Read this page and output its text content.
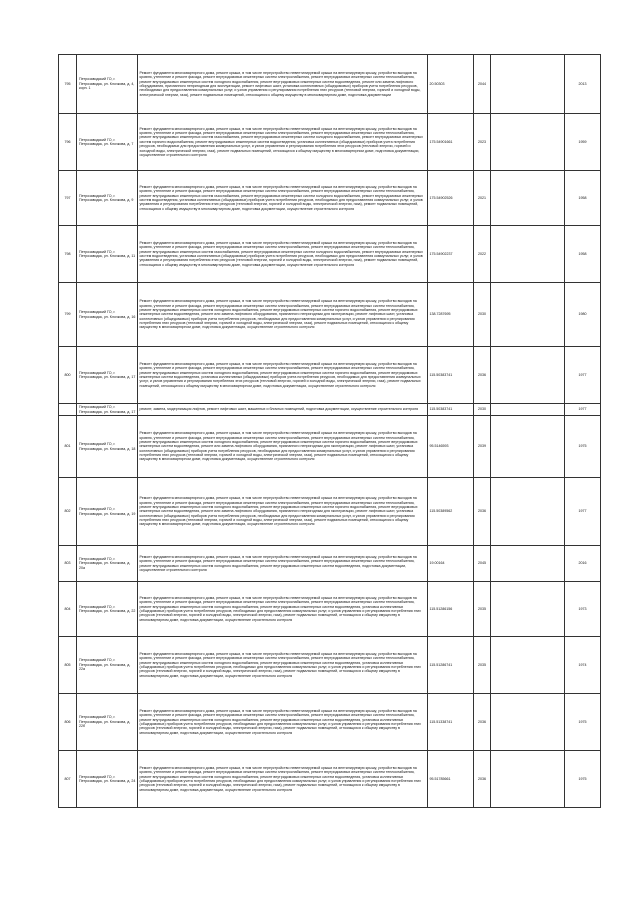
795	Петрозаводский ГО, г. Петрозаводск, ул. Клочкова, д. 4, корп. 1	Ремонт фундамента многоквартирного дома, ремонт крыши, в том числе переустройство невентилируемой крыши на вентилируемую крышу, устройство выходов на кровлю, утепление и ремонт фасада, ремонт внутридомовых инженерных систем электроснабжения, ремонт внутридомовых инженерных систем теплоснабжения, ремонт внутридомовых инженерных систем холодного водоснабжения, ремонт внутридомовых инженерных систем водоотведения, ремонт или замена лифтового оборудования, признанного непригодным для эксплуатации, ремонт лифтовых шахт, установка коллективных (общедомовых) приборов учета потребления ресурсов, необходимых для предоставления коммунальных услуг, и узлов управления и регулирования потребления этих ресурсов (тепловой энергии, горячей и холодной воды, электрической энергии, газа), ремонт подвальных помещений, относящихся к общему имуществу в многоквартирном доме, подготовка документации	20.50303	2044		2013
796	Петрозаводский ГО, г. Петрозаводск, ул. Клочкова, д. 7	Ремонт фундамента многоквартирного дома, ремонт крыши, в том числе переустройство невентилируемой крыши на вентилируемую крышу, устройство выходов на кровлю, утепление и ремонт фасада, ремонт внутридомовых инженерных систем электроснабжения, ремонт внутридомовых инженерных систем теплоснабжения, ремонт внутридомовых инженерных систем газоснабжения, ремонт внутридомовых инженерных систем холодного водоснабжения, ремонт внутридомовых инженерных систем горячего водоснабжения, ремонт внутридомовых инженерных систем водоотведения, установка коллективных (общедомовых) приборов учета потребления ресурсов, необходимых для предоставления коммунальных услуг, и узлов управления и регулирования потребления этих ресурсов (тепловой энергии, горячей и холодной воды, электрической энергии, газа), ремонт подвальных помещений, относящихся к общему имуществу в многоквартирном доме, подготовка документации, осуществление строительного контроля	175.54901661	2023		1959
797	Петрозаводский ГО, г. Петрозаводск, ул. Клочкова, д. 9	Ремонт фундамента многоквартирного дома, ремонт крыши, в том числе переустройство невентилируемой крыши на вентилируемую крышу, устройство выходов на кровлю, утепление и ремонт фасада, ремонт внутридомовых инженерных систем электроснабжения, ремонт внутридомовых инженерных систем теплоснабжения, ремонт внутридомовых инженерных систем газоснабжения, ремонт внутридомовых инженерных систем холодного водоснабжения, ремонт внутридомовых инженерных систем водоотведения, установка коллективных (общедомовых) приборов учета потребления ресурсов, необходимых для предоставления коммунальных услуг, и узлов управления и регулирования потребления этих ресурсов (тепловой энергии, горячей и холодной воды, электрической энергии, газа), ремонт подвальных помещений, относящихся к общему имуществу в многоквартирном доме, подготовка документации, осуществление строительного контроля	175.54902526	2021		1958
798	Петрозаводский ГО, г. Петрозаводск, ул. Клочкова, д. 11	Ремонт фундамента многоквартирного дома, ремонт крыши, в том числе переустройство невентилируемой крыши на вентилируемую крышу, устройство выходов на кровлю, утепление и ремонт фасада, ремонт внутридомовых инженерных систем электроснабжения, ремонт внутридомовых инженерных систем теплоснабжения, ремонт внутридомовых инженерных систем газоснабжения, ремонт внутридомовых инженерных систем холодного водоснабжения, ремонт внутридомовых инженерных систем водоотведения, установка коллективных (общедомовых) приборов учета потребления ресурсов, необходимых для предоставления коммунальных услуг, и узлов управления и регулирования потребления этих ресурсов (тепловой энергии, горячей и холодной воды, электрической энергии, газа), ремонт подвальных помещений, относящихся к общему имуществу в многоквартирном доме, подготовка документации, осуществление строительного контроля	175.54902237	2022		1958
799	Петрозаводский ГО, г. Петрозаводск, ул. Клочкова, д. 16	Ремонт фундамента многоквартирного дома, ремонт крыши, в том числе переустройство невентилируемой крыши на вентилируемую крышу, устройство выходов на кровлю, утепление и ремонт фасада, ремонт внутридомовых инженерных систем электроснабжения, ремонт внутридомовых инженерных систем теплоснабжения, ремонт внутридомовых инженерных систем холодного водоснабжения, ремонт внутридомовых инженерных систем горячего водоснабжения, ремонт внутридомовых инженерных систем водоотведения, ремонт или замена лифтового оборудования, признанного непригодным для эксплуатации, ремонт лифтовых шахт, установка коллективных (общедомовых) приборов учета потребления ресурсов, необходимых для предоставления коммунальных услуг, и узлов управления и регулирования потребления этих ресурсов (тепловой энергии, горячей и холодной воды, электрической энергии, газа), ремонт подвальных помещений, относящихся к общему имуществу в многоквартирном доме, подготовка документации, осуществление строительного контроля	138.7287695	2030		1980
800	Петрозаводский ГО, г. Петрозаводск, ул. Клочкова, д. 17	Ремонт фундамента многоквартирного дома, ремонт крыши, в том числе переустройство невентилируемой крыши на вентилируемую крышу, устройство выходов на кровлю, утепление и ремонт фасада, ремонт внутридомовых инженерных систем электроснабжения, ремонт внутридомовых инженерных систем теплоснабжения, ремонт внутридомовых инженерных систем холодного водоснабжения, ремонт внутридомовых инженерных систем горячего водоснабжения, ремонт внутридомовых инженерных систем водоотведения, установка коллективных (общедомовых) приборов учета потребления ресурсов, необходимых для предоставления коммунальных услуг, и узлов управления и регулирования потребления этих ресурсов (тепловой энергии, горячей и холодной воды, электрической энергии, газа), ремонт подвальных помещений, относящихся к общему имуществу в многоквартирном доме, подготовка документации, осуществление строительного контроля	115.50383741	2036		1977
	Петрозаводский ГО, г. Петрозаводск, ул. Клочкова, д. 17	ремонт, замена, модернизация лифтов, ремонт лифтовых шахт, машинных и блочных помещений, подготовка документации, осуществление строительного контроля	115.50383741	2030		1977
801	Петрозаводский ГО, г. Петрозаводск, ул. Клочкова, д. 18	Ремонт фундамента многоквартирного дома, ремонт крыши, в том числе переустройство невентилируемой крыши на вентилируемую крышу, устройство выходов на кровлю, утепление и ремонт фасада, ремонт внутридомовых инженерных систем электроснабжения, ремонт внутридомовых инженерных систем теплоснабжения, ремонт внутридомовых инженерных систем холодного водоснабжения, ремонт внутридомовых инженерных систем горячего водоснабжения, ремонт внутридомовых инженерных систем водоотведения, ремонт или замена лифтового оборудования, признанного непригодным для эксплуатации, ремонт лифтовых шахт, установка коллективных (общедомовых) приборов учета потребления ресурсов, необходимых для предоставления коммунальных услуг, и узлов управления и регулирования потребления этих ресурсов (тепловой энергии, горячей и холодной воды, электрической энергии, газа), ремонт подвальных помещений, относящихся к общему имуществу в многоквартирном доме, подготовка документации, осуществление строительного контроля	95.5146593	2039		1975
802	Петрозаводский ГО, г. Петрозаводск, ул. Клочкова, д. 19	Ремонт фундамента многоквартирного дома, ремонт крыши, в том числе переустройство невентилируемой крыши на вентилируемую крышу, устройство выходов на кровлю, утепление и ремонт фасада, ремонт внутридомовых инженерных систем электроснабжения, ремонт внутридомовых инженерных систем теплоснабжения, ремонт внутридомовых инженерных систем холодного водоснабжения, ремонт внутридомовых инженерных систем горячего водоснабжения, ремонт внутридомовых инженерных систем водоотведения, ремонт или замена лифтового оборудования, признанного непригодным для эксплуатации, ремонт лифтовых шахт, установка коллективных (общедомовых) приборов учета потребления ресурсов, необходимых для предоставления коммунальных услуг, и узлов управления и регулирования потребления этих ресурсов (тепловой энергии, горячей и холодной воды, электрической энергии, газа), ремонт подвальных помещений, относящихся к общему имуществу в многоквартирном доме, подготовка документации, осуществление строительного контроля	115.50389562	2036		1977
803	Петрозаводский ГО, г. Петрозаводск, ул. Клочкова, д. 20а	Ремонт фундамента многоквартирного дома, ремонт крыши, в том числе переустройство невентилируемой крыши на вентилируемую крышу, устройство выходов на кровлю, утепление и ремонт фасада, ремонт внутридомовых инженерных систем электроснабжения, ремонт внутридомовых инженерных систем теплоснабжения, ремонт внутридомовых инженерных систем холодного водоснабжения, ремонт внутридомовых инженерных систем водоотведения, подготовка документации, осуществление строительного контроля	19.00164	2045		2016
804	Петрозаводский ГО, г. Петрозаводск, ул. Клочкова, д. 22	Ремонт фундамента многоквартирного дома, ремонт крыши, в том числе переустройство невентилируемой крыши на вентилируемую крышу, устройство выходов на кровлю, утепление и ремонт фасада, ремонт внутридомовых инженерных систем электроснабжения, ремонт внутридомовых инженерных систем теплоснабжения, ремонт внутридомовых инженерных систем холодного водоснабжения, ремонт внутридомовых инженерных систем водоотведения, установка коллективных (общедомовых) приборов учета потребления ресурсов, необходимых для предоставления коммунальных услуг, и узлов управления и регулирования потребления этих ресурсов (тепловой энергии, горячей и холодной воды, электрической энергии, газа), ремонт подвальных помещений, относящихся к общему имуществу в многоквартирном доме, подготовка документации, осуществление строительного контроля	115.51286156	2035		1973
805	Петрозаводский ГО, г. Петрозаводск, ул. Клочкова, д. 22а	Ремонт фундамента многоквартирного дома, ремонт крыши, в том числе переустройство невентилируемой крыши на вентилируемую крышу, устройство выходов на кровлю, утепление и ремонт фасада, ремонт внутридомовых инженерных систем электроснабжения, ремонт внутридомовых инженерных систем теплоснабжения, ремонт внутридомовых инженерных систем холодного водоснабжения, ремонт внутридомовых инженерных систем водоотведения, установка коллективных (общедомовых) приборов учета потребления ресурсов, необходимых для предоставления коммунальных услуг, и узлов управления и регулирования потребления этих ресурсов (тепловой энергии, горячей и холодной воды, электрической энергии, газа), ремонт подвальных помещений, относящихся к общему имуществу в многоквартирном доме, подготовка документации, осуществление строительного контроля	115.51286741	2035		1974
806	Петрозаводский ГО, г. Петрозаводск, ул. Клочкова, д. 22б	Ремонт фундамента многоквартирного дома, ремонт крыши, в том числе переустройство невентилируемой крыши на вентилируемую крышу, устройство выходов на кровлю, утепление и ремонт фасада, ремонт внутридомовых инженерных систем электроснабжения, ремонт внутридомовых инженерных систем теплоснабжения, ремонт внутридомовых инженерных систем холодного водоснабжения, ремонт внутридомовых инженерных систем водоотведения, установка коллективных (общедомовых) приборов учета потребления ресурсов, необходимых для предоставления коммунальных услуг, и узлов управления и регулирования потребления этих ресурсов (тепловой энергии, горячей и холодной воды, электрической энергии, газа), ремонт подвальных помещений, относящихся к общему имуществу в многоквартирном доме, подготовка документации, осуществление строительного контроля	115.51338741	2036		1975
807	Петрозаводский ГО, г. Петрозаводск, ул. Клочкова, д. 24	Ремонт фундамента многоквартирного дома, ремонт крыши, в том числе переустройство невентилируемой крыши на вентилируемую крышу, устройство выходов на кровлю, утепление и ремонт фасада, ремонт внутридомовых инженерных систем электроснабжения, ремонт внутридомовых инженерных систем теплоснабжения, ремонт внутридомовых инженерных систем холодного водоснабжения, ремонт внутридомовых инженерных систем водоотведения, установка коллективных (общедомовых) приборов учета потребления ресурсов, необходимых для предоставления коммунальных услуг, и узлов управления и регулирования потребления этих ресурсов (тепловой энергии, горячей и холодной воды, электрической энергии, газа), ремонт подвальных помещений, относящихся к общему имуществу в многоквартирном доме, подготовка документации, осуществление строительного контроля	95.51785661	2036		1975
